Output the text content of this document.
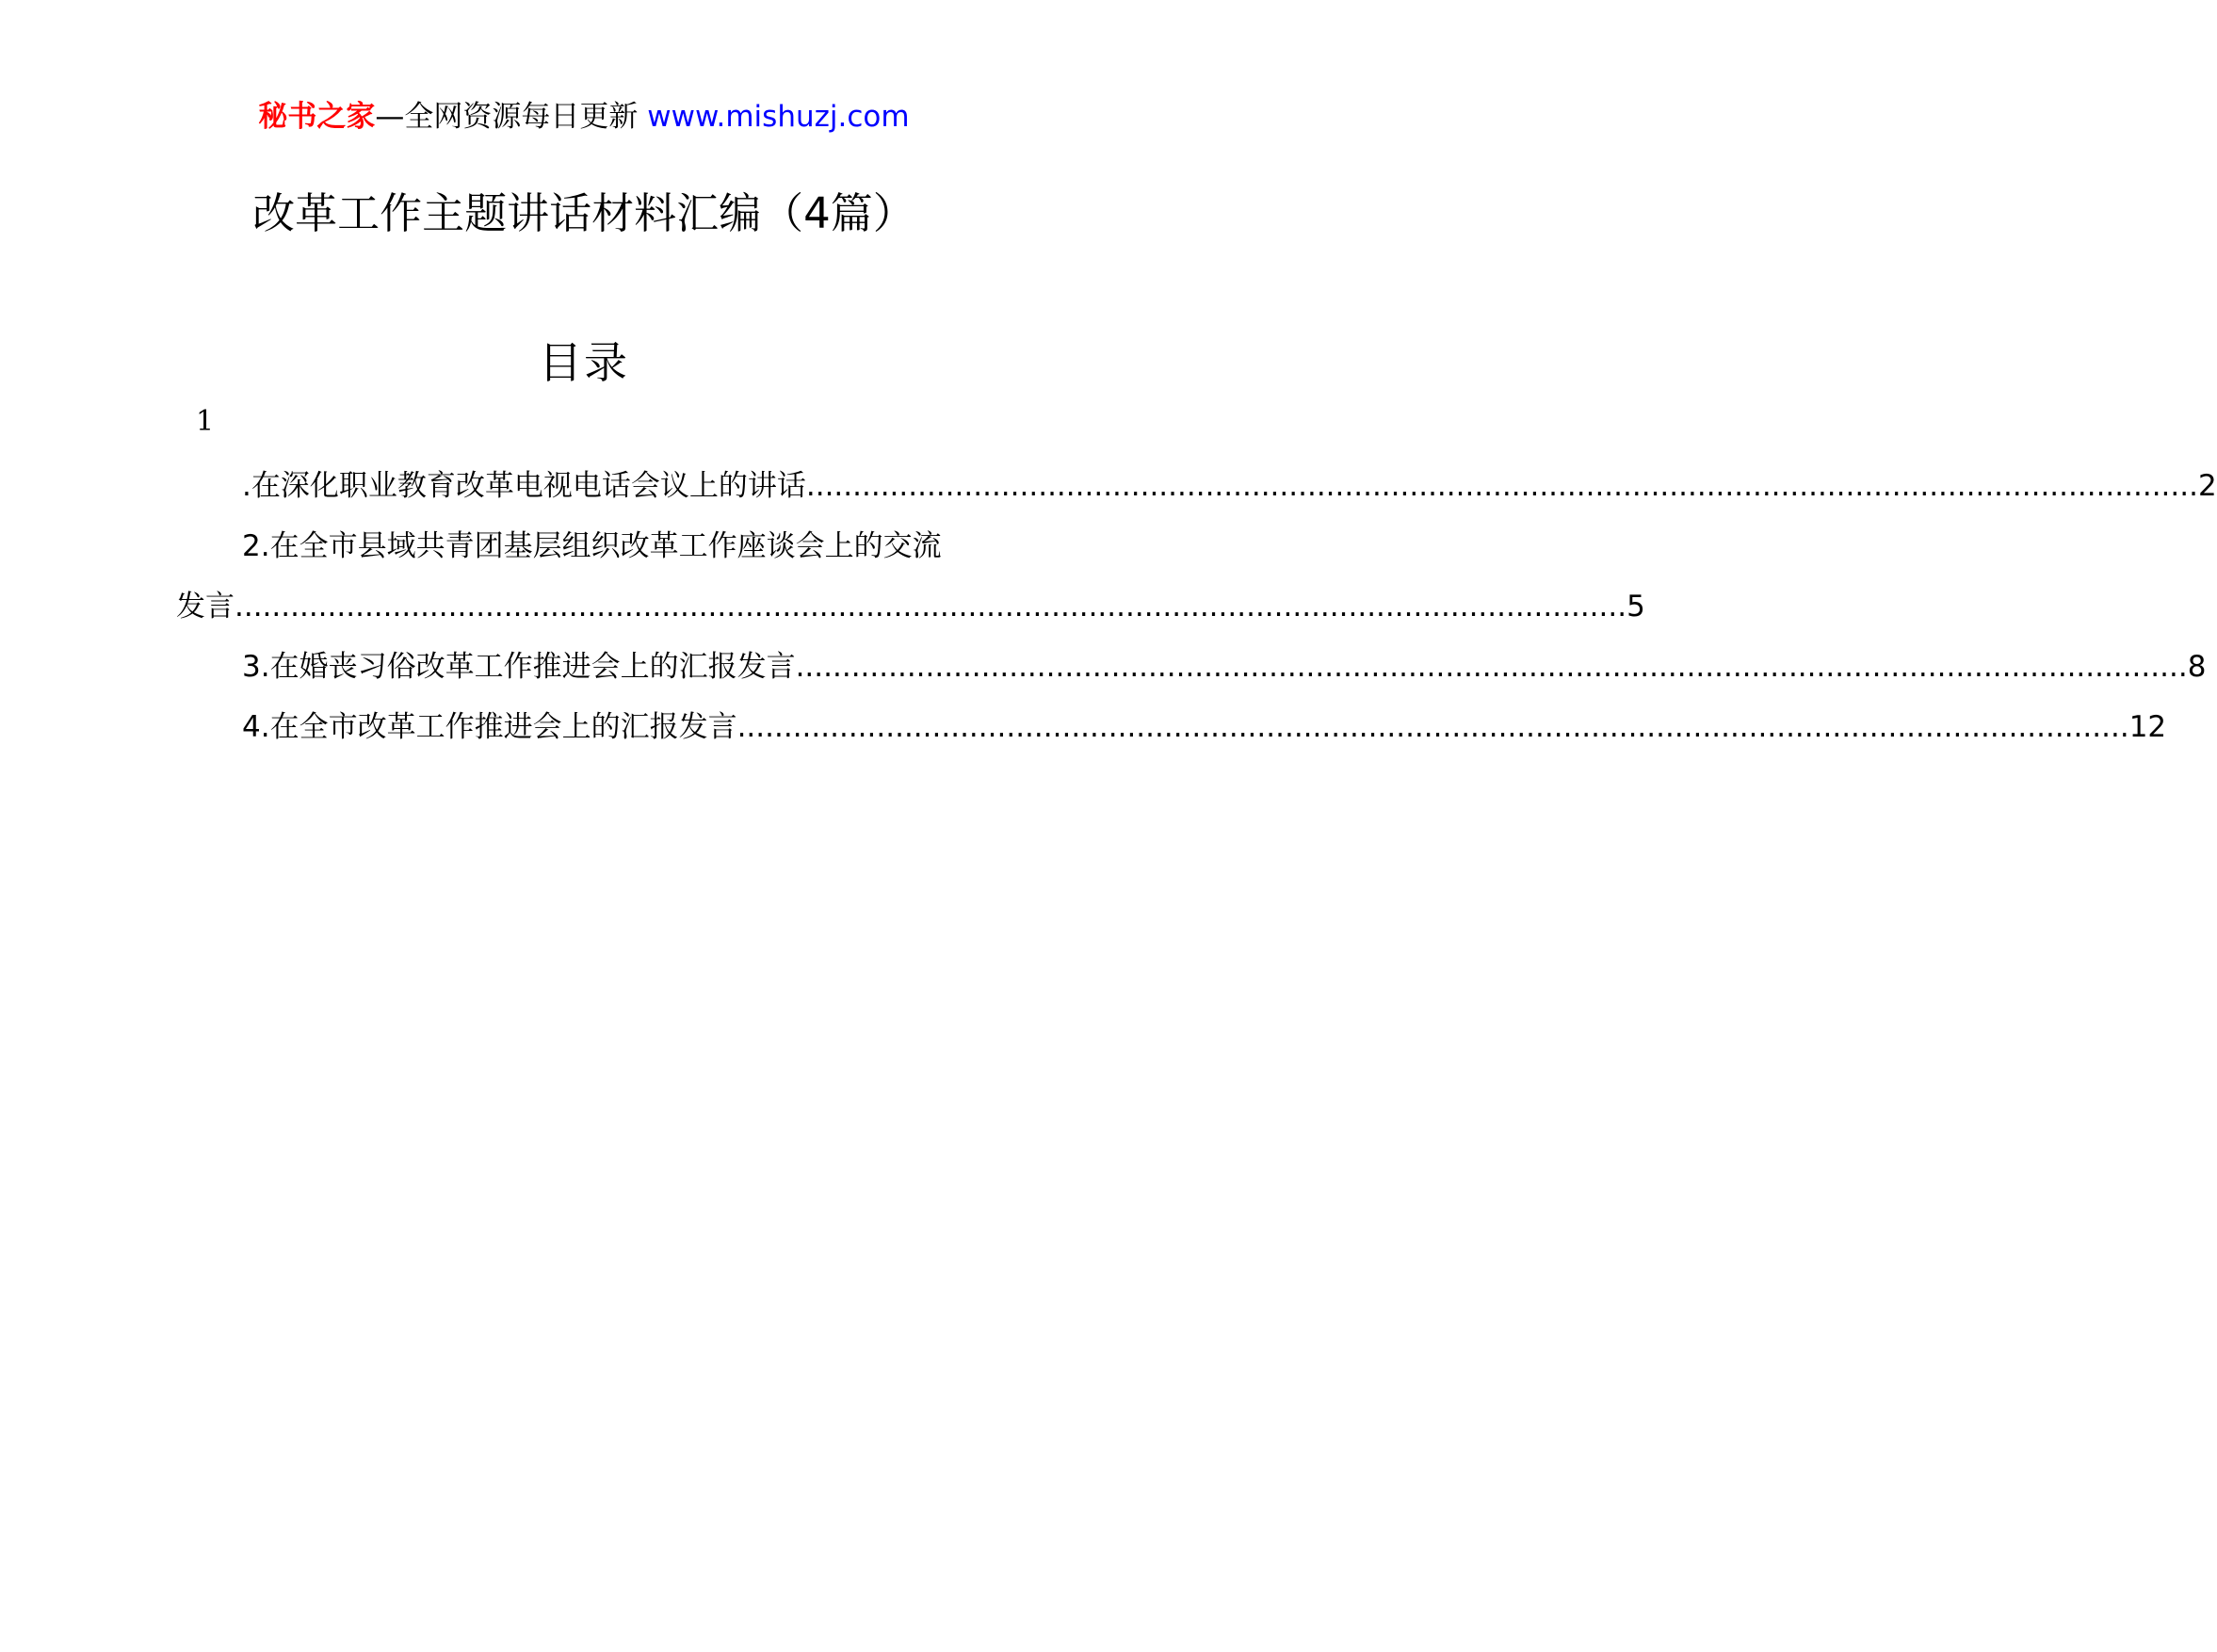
秘书之家—全网资源每日更新 www.mishuzj.com
改革工作主题讲话材料汇编（4篇）
目录
1
.在深化职业教育改革电视电话会议上的讲话 ...................................................................................................................................................... 2
2.在全市县域共青团基层组织改革工作座谈会上的交流
发言 ...................................................................................................................................................... 5
3.在婚丧习俗改革工作推进会上的汇报发言 ...................................................................................................................................................... 8
4.在全市改革工作推进会上的汇报发言 ...................................................................................................................................................... 12
